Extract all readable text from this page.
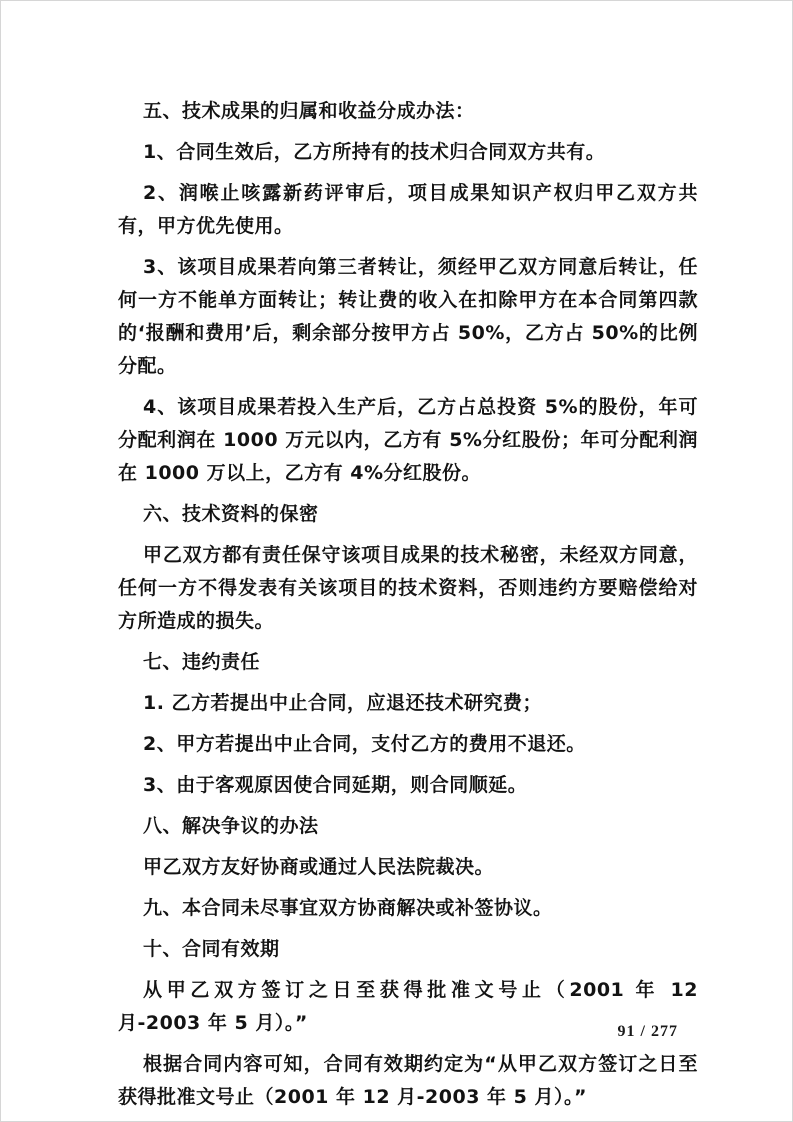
五、技术成果的归属和收益分成办法：

1、合同生效后，乙方所持有的技术归合同双方共有。

2、润喉止咳露新药评审后，项目成果知识产权归甲乙双方共有，甲方优先使用。

3、该项目成果若向第三者转让，须经甲乙双方同意后转让，任何一方不能单方面转让；转让费的收入在扣除甲方在本合同第四款的‘报酬和费用’后，剩余部分按甲方占 50%，乙方占 50%的比例分配。

4、该项目成果若投入生产后，乙方占总投资 5%的股份，年可分配利润在 1000 万元以内，乙方有 5%分红股份；年可分配利润在 1000 万以上，乙方有 4%分红股份。

六、技术资料的保密

甲乙双方都有责任保守该项目成果的技术秘密，未经双方同意，任何一方不得发表有关该项目的技术资料，否则违约方要赔偿给对方所造成的损失。

七、违约责任

1. 乙方若提出中止合同，应退还技术研究费；

2、甲方若提出中止合同，支付乙方的费用不退还。

3、由于客观原因使合同延期，则合同顺延。

八、解决争议的办法

甲乙双方友好协商或通过人民法院裁决。

九、本合同未尽事宜双方协商解决或补签协议。

十、合同有效期

从甲乙双方签订之日至获得批准文号止（2001 年 12 月-2003 年 5 月）。”

根据合同内容可知，合同有效期约定为“从甲乙双方签订之日至获得批准文号止（2001 年 12 月-2003 年 5 月）。”

91 / 277
